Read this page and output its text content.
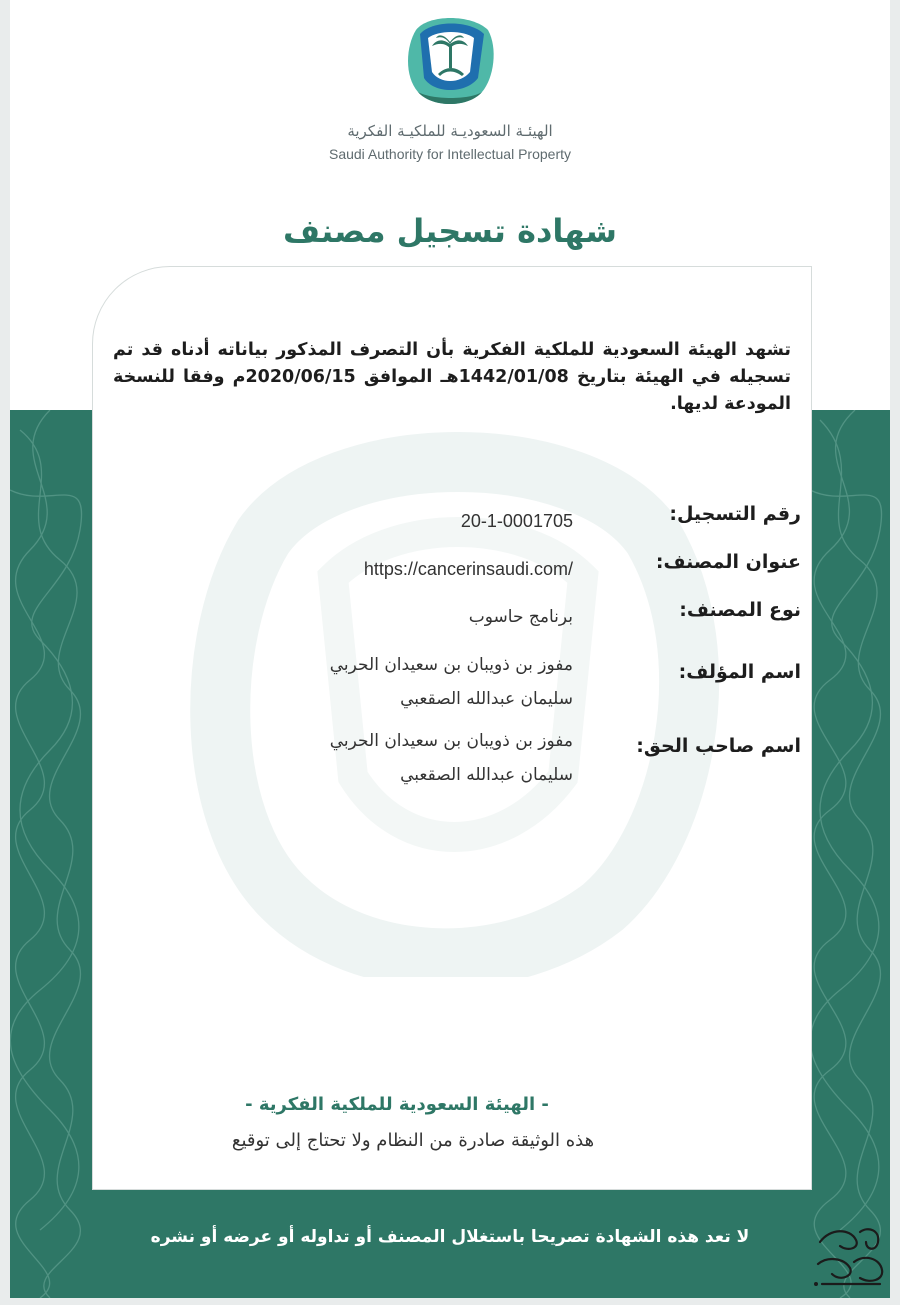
الهيئـة السعوديـة للملكيـة الفكرية
Saudi Authority for Intellectual Property
شهادة تسجيل مصنف
تشهد الهيئة السعودية للملكية الفكرية بأن التصرف المذكور بياناته أدناه قد تم تسجيله في الهيئة بتاريخ 1442/01/08هـ الموافق 2020/06/15م وفقا للنسخة المودعة لديها.
رقم التسجيل:
20-1-0001705
عنوان المصنف:
https://cancerinsaudi.com/
نوع المصنف:
برنامج حاسوب
اسم المؤلف:
مفوز بن ذويبان بن سعيدان الحربي
سليمان عبدالله الصقعبي
اسم صاحب الحق:
مفوز بن ذويبان بن سعيدان الحربي
سليمان عبدالله الصقعبي
- الهيئة السعودية للملكية الفكرية -
هذه الوثيقة صادرة من النظام ولا تحتاج إلى توقيع
لا تعد هذه الشهادة تصريحا باستغلال المصنف أو تداوله أو عرضه أو نشره
